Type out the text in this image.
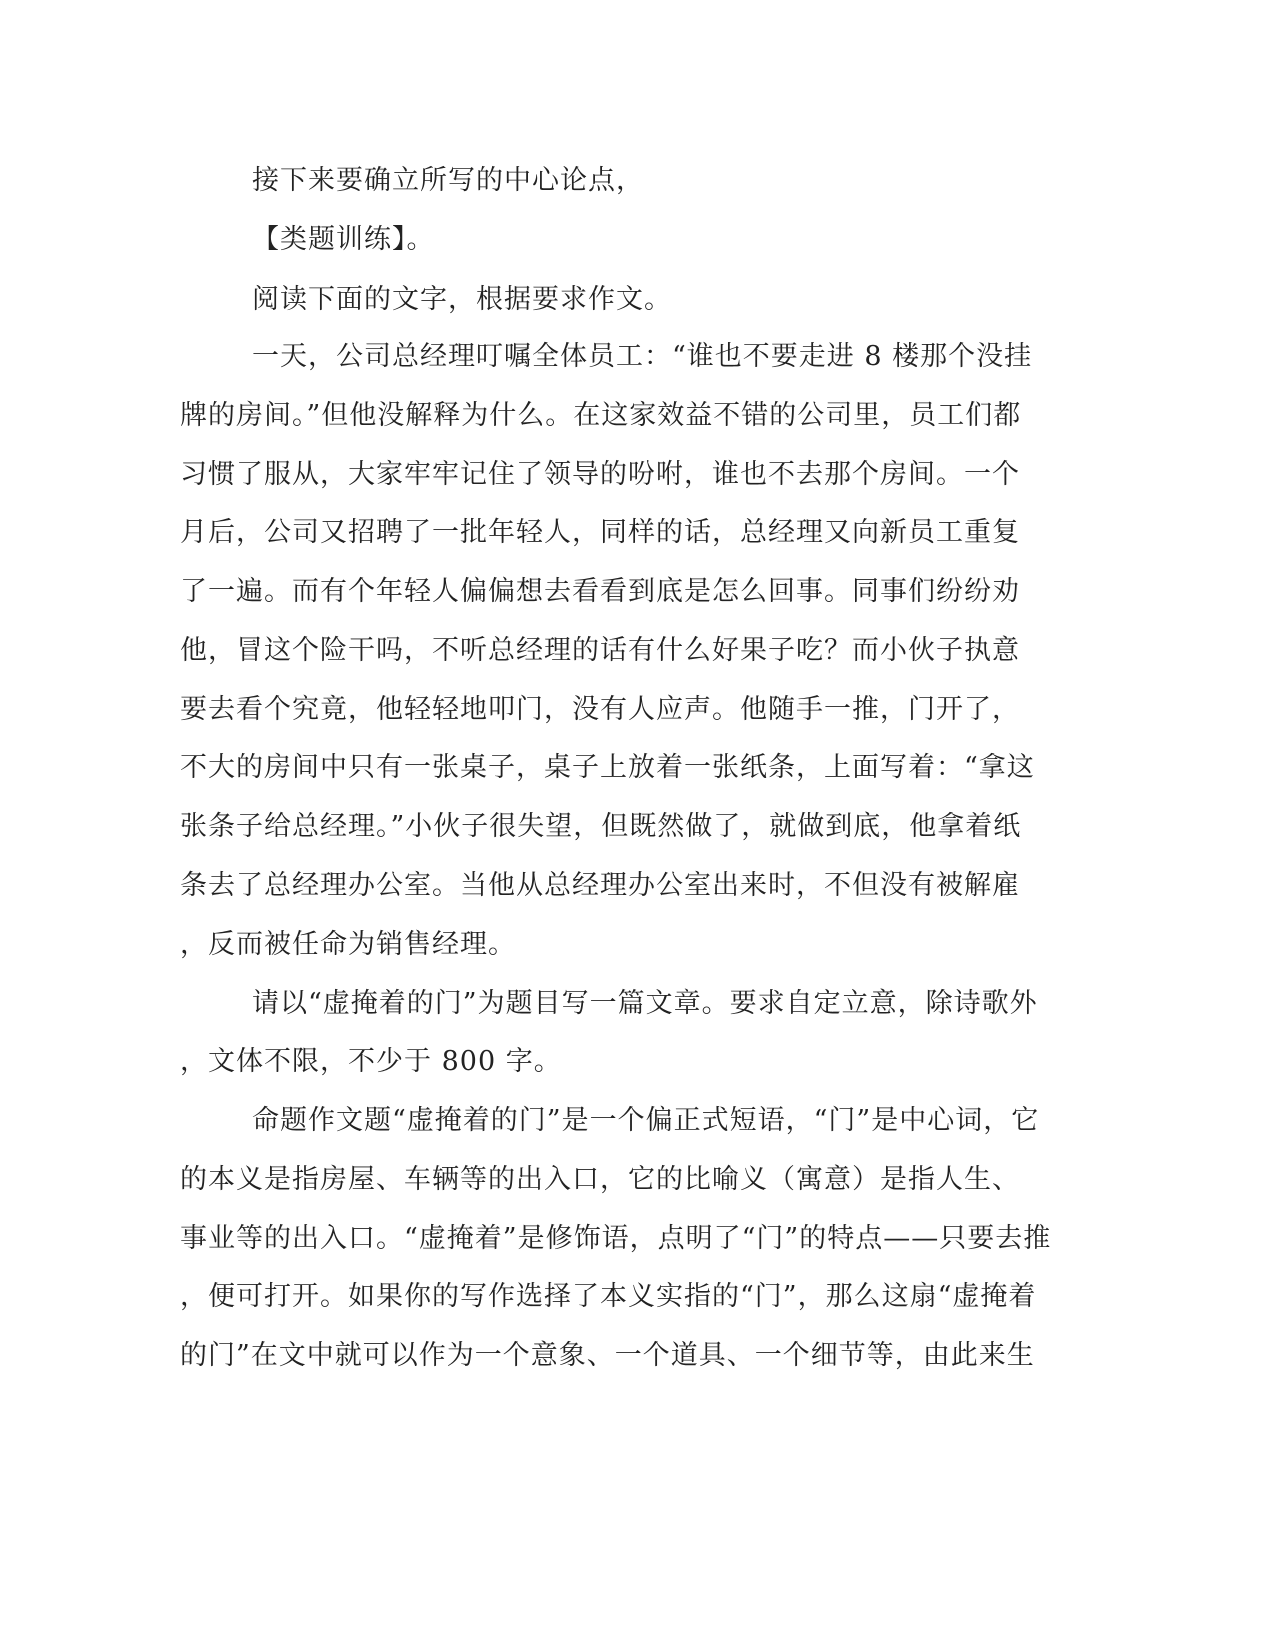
接下来要确立所写的中心论点，
【类题训练】。
阅读下面的文字，根据要求作文。
一天，公司总经理叮嘱全体员工：“谁也不要走进 8 楼那个没挂
牌的房间。”但他没解释为什么。在这家效益不错的公司里，员工们都
习惯了服从，大家牢牢记住了领导的吩咐，谁也不去那个房间。一个
月后，公司又招聘了一批年轻人，同样的话，总经理又向新员工重复
了一遍。而有个年轻人偏偏想去看看到底是怎么回事。同事们纷纷劝
他，冒这个险干吗，不听总经理的话有什么好果子吃？而小伙子执意
要去看个究竟，他轻轻地叩门，没有人应声。他随手一推，门开了，
不大的房间中只有一张桌子，桌子上放着一张纸条，上面写着：“拿这
张条子给总经理。”小伙子很失望，但既然做了，就做到底，他拿着纸
条去了总经理办公室。当他从总经理办公室出来时，不但没有被解雇
，反而被任命为销售经理。
请以“虚掩着的门”为题目写一篇文章。要求自定立意，除诗歌外
，文体不限，不少于 800 字。
命题作文题“虚掩着的门”是一个偏正式短语，“门”是中心词，它
的本义是指房屋、车辆等的出入口，它的比喻义（寓意）是指人生、
事业等的出入口。“虚掩着”是修饰语，点明了“门”的特点——只要去推
，便可打开。如果你的写作选择了本义实指的“门”，那么这扇“虚掩着
的门”在文中就可以作为一个意象、一个道具、一个细节等，由此来生
